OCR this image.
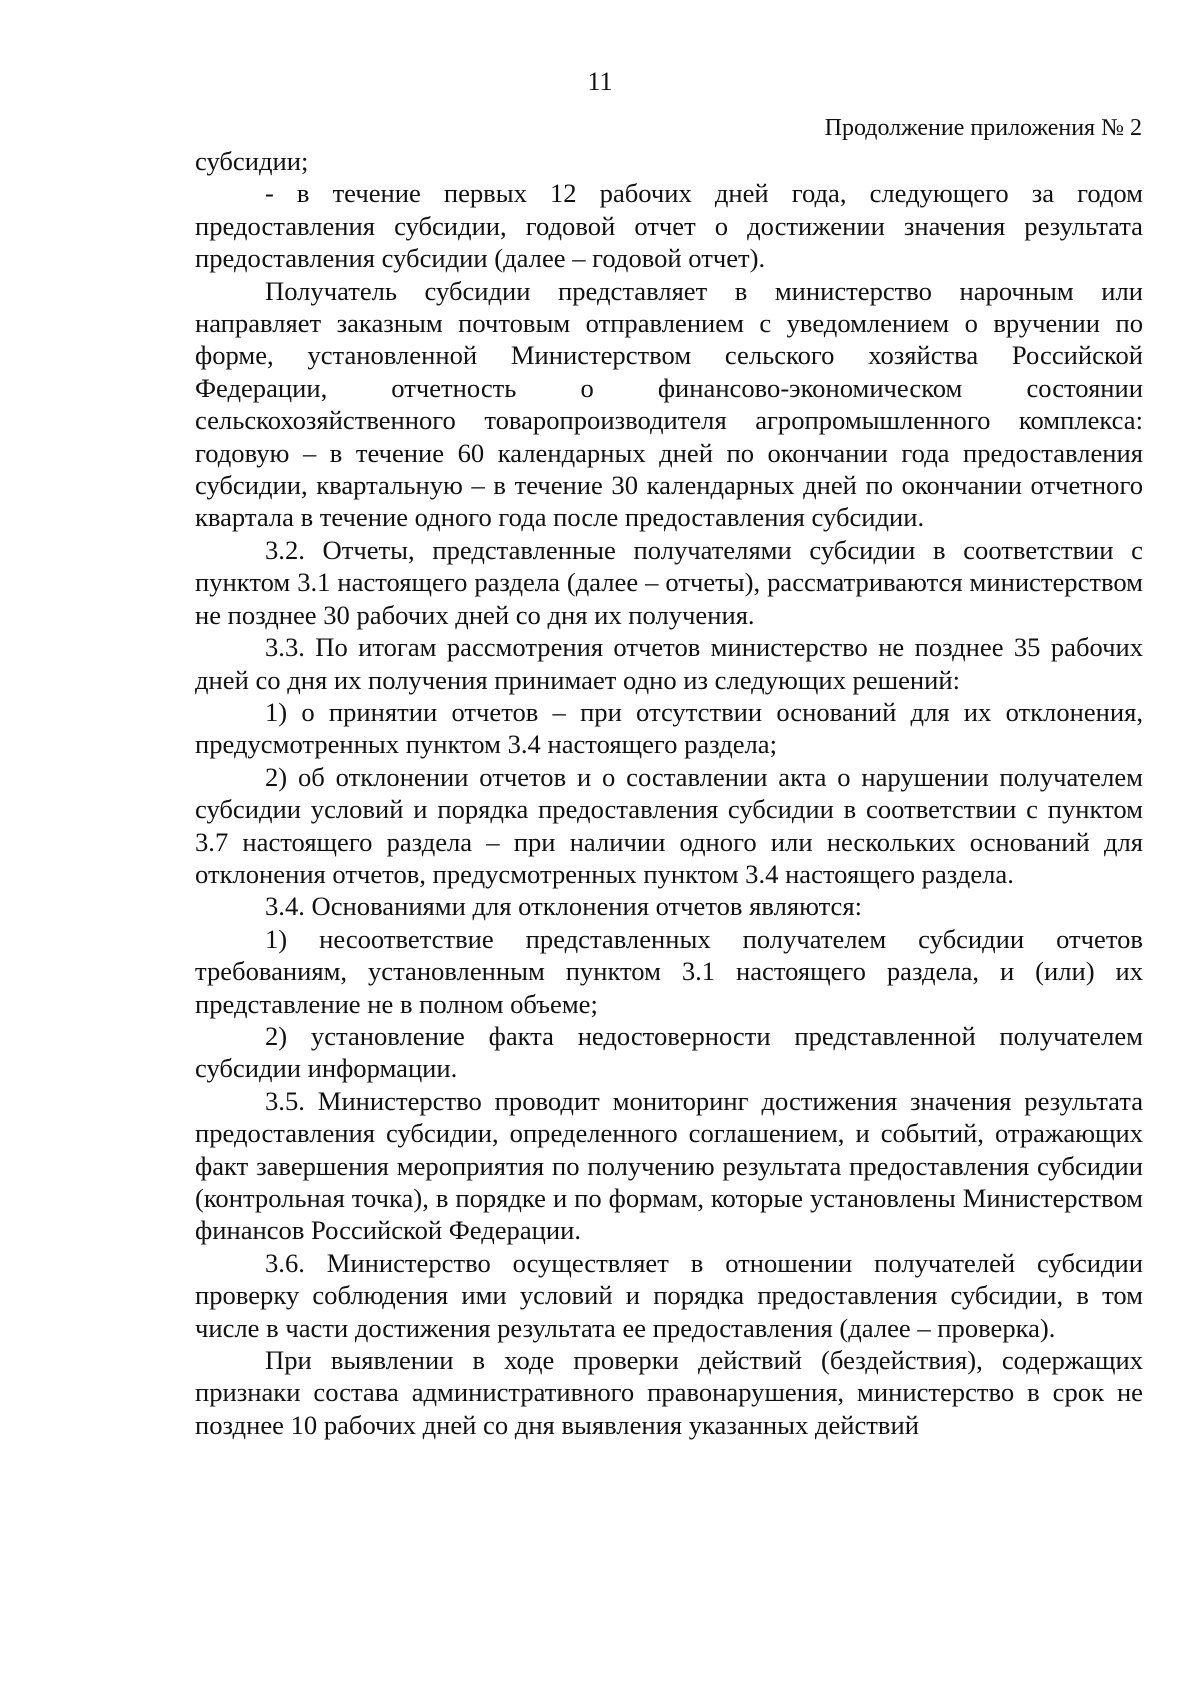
11
Продолжение приложения № 2

субсидии;

- в течение первых 12 рабочих дней года, следующего за годом предоставления субсидии, годовой отчет о достижении значения результата предоставления субсидии (далее – годовой отчет).

Получатель субсидии представляет в министерство нарочным или направляет заказным почтовым отправлением с уведомлением о вручении по форме, установленной Министерством сельского хозяйства Российской Федерации, отчетность о финансово-экономическом состоянии сельскохозяйственного товаропроизводителя агропромышленного комплекса: годовую – в течение 60 календарных дней по окончании года предоставления субсидии, квартальную – в течение 30 календарных дней по окончании отчетного квартала в течение одного года после предоставления субсидии.

3.2. Отчеты, представленные получателями субсидии в соответствии с пунктом 3.1 настоящего раздела (далее – отчеты), рассматриваются министерством не позднее 30 рабочих дней со дня их получения.

3.3. По итогам рассмотрения отчетов министерство не позднее 35 рабочих дней со дня их получения принимает одно из следующих решений:

1) о принятии отчетов – при отсутствии оснований для их отклонения, предусмотренных пунктом 3.4 настоящего раздела;

2) об отклонении отчетов и о составлении акта о нарушении получателем субсидии условий и порядка предоставления субсидии в соответствии с пунктом 3.7 настоящего раздела – при наличии одного или нескольких оснований для отклонения отчетов, предусмотренных пунктом 3.4 настоящего раздела.

3.4. Основаниями для отклонения отчетов являются:

1) несоответствие представленных получателем субсидии отчетов требованиям, установленным пунктом 3.1 настоящего раздела, и (или) их представление не в полном объеме;

2) установление факта недостоверности представленной получателем субсидии информации.

3.5. Министерство проводит мониторинг достижения значения результата предоставления субсидии, определенного соглашением, и событий, отражающих факт завершения мероприятия по получению результата предоставления субсидии (контрольная точка), в порядке и по формам, которые установлены Министерством финансов Российской Федерации.

3.6. Министерство осуществляет в отношении получателей субсидии проверку соблюдения ими условий и порядка предоставления субсидии, в том числе в части достижения результата ее предоставления (далее – проверка).

При выявлении в ходе проверки действий (бездействия), содержащих признаки состава административного правонарушения, министерство в срок не позднее 10 рабочих дней со дня выявления указанных действий
